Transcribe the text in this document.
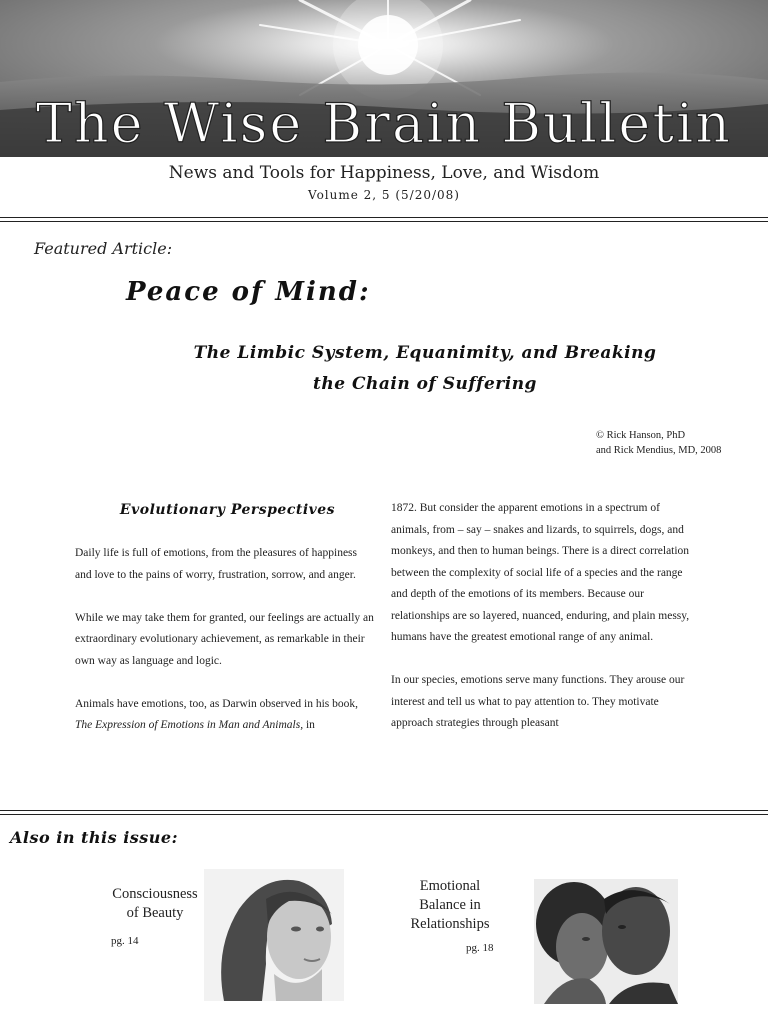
The Wise Brain Bulletin
News and Tools for Happiness, Love, and Wisdom
Volume 2, 5 (5/20/08)
Featured Article:
Peace of Mind:
The Limbic System, Equanimity, and Breaking
the Chain of Suffering
© Rick Hanson, PhD
and Rick Mendius, MD, 2008
Evolutionary Perspectives

Daily life is full of emotions, from the pleasures of happiness and love to the pains of worry, frustration, sorrow, and anger.

While we may take them for granted, our feelings are actually an extraordinary evolutionary achievement, as remarkable in their own way as language and logic.

Animals have emotions, too, as Darwin observed in his book, The Expression of Emotions in Man and Animals, in

1872. But consider the apparent emotions in a spectrum of animals, from – say – snakes and lizards, to squirrels, dogs, and monkeys, and then to human beings. There is a direct correlation between the complexity of social life of a species and the range and depth of the emotions of its members. Because our relationships are so layered, nuanced, enduring, and plain messy, humans have the greatest emotional range of any animal.

In our species, emotions serve many functions. They arouse our interest and tell us what to pay attention to. They motivate approach strategies through pleasant

Also in this issue:
Consciousness
of Beauty
pg. 14
Emotional
Balance in
Relationships
pg. 18
